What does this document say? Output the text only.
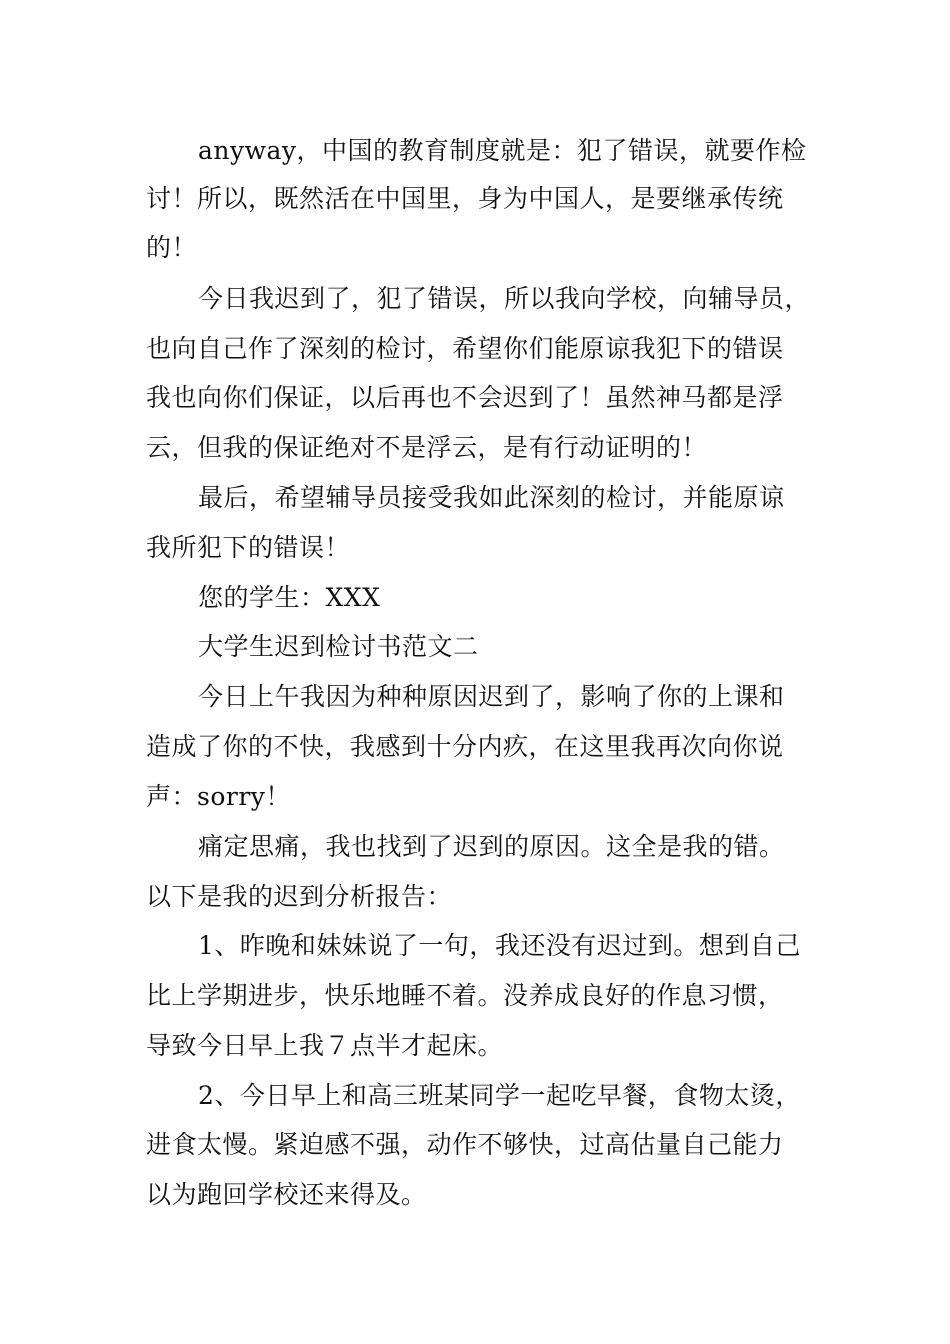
anyway，中国的教育制度就是：犯了错误，就要作检
讨！所以，既然活在中国里，身为中国人，是要继承传统
的！
今日我迟到了，犯了错误，所以我向学校，向辅导员，
也向自己作了深刻的检讨，希望你们能原谅我犯下的错误
我也向你们保证，以后再也不会迟到了！虽然神马都是浮
云，但我的保证绝对不是浮云，是有行动证明的！
最后，希望辅导员接受我如此深刻的检讨，并能原谅
我所犯下的错误！
您的学生：XXX
大学生迟到检讨书范文二
今日上午我因为种种原因迟到了，影响了你的上课和
造成了你的不快，我感到十分内疚，在这里我再次向你说
声：sorry！
痛定思痛，我也找到了迟到的原因。这全是我的错。
以下是我的迟到分析报告：
1、昨晚和妹妹说了一句，我还没有迟过到。想到自己
比上学期进步，快乐地睡不着。没养成良好的作息习惯，
导致今日早上我７点半才起床。
2、今日早上和高三班某同学一起吃早餐，食物太烫，
进食太慢。紧迫感不强，动作不够快，过高估量自己能力
以为跑回学校还来得及。
